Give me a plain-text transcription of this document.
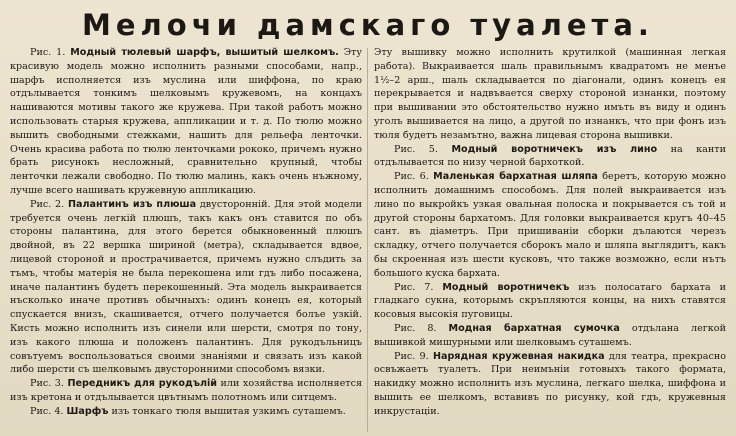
Мелочи дамскаго туалета.

Рис. 1. Модный тюлевый шарфъ, вышитый шелкомъ. Эту красивую модель можно исполнить разными способами, напр., шарфъ исполняется изъ муслина или шиффона, по краю отдълывается тонкимъ шелковымъ кружевомъ, на концахъ нашиваются мотивы такого же кружева. При такой работъ можно использовать старыя кружева, аппликации и т. д. По тюлю можно вышить свободными стежками, нашить для рельефа ленточки. Очень красива работа по тюлю ленточками рококо, причемъ нужно брать рисунокъ несложный, сравнительно крупный, чтобы ленточки лежали свободно. По тюлю малинь, какъ очень нъжному, лучше всего нашивать кружевную аппликацию.

Рис. 2. Палантинъ изъ плюша двусторонній. Для этой модели требуется очень легкій плюшъ, такъ какъ онъ ставится по объ стороны палантина, для этого берется обыкновенный плюшъ двойной, въ 22 вершка шириной (метра), складывается вдвое, лицевой стороной и прострачивается, причемъ нужно слъдить за тъмъ, чтобы матерія не была перекошена или гдъ либо посажена, иначе палантинъ будетъ перекошенный. Эта модель выкраивается нъсколько иначе противъ обычныхъ: одинъ конецъ ея, который спускается внизъ, скашивается, отчего получается болъе узкій. Кисть можно исполнить изъ синели или шерсти, смотря по тону, изъ какого плюша и положенъ палантинъ. Для рукодъльницъ совътуемъ воспользоваться своими знаніями и связать изъ какой либо шерсти съ шелковымъ двусторонними способомъ вязки.

Рис. 3. Передникъ для рукодълій или хозяйства исполняется изъ кретона и отдълывается цвътнымъ полотномъ или ситцемъ.

Рис. 4. Шарфъ изъ тонкаго тюля вышитая узкимъ суташемъ.

Эту вышивку можно исполнить крутилкой (машинная легкая работа). Выкраивается шаль правильнымъ квадратомъ не менъе 1½–2 арш., шаль складывается по діагонали, одинъ конецъ ея перекрывается и надвъвается сверху стороной изнанки, поэтому при вышивании это обстоятельство нужно имъть въ виду и одинъ уголъ вышивается на лицо, а другой по изнанкъ, что при фонъ изъ тюля будетъ незамътно, важна лицевая сторона вышивки.

Рис. 5. Модный воротничекъ изъ лино на канти отдълывается по низу черной бархоткой.

Рис. 6. Маленькая бархатная шляпа беретъ, которую можно исполнить домашнимъ способомъ. Для полей выкраивается изъ лино по выкройкъ узкая овальная полоска и покрывается съ той и другой стороны бархатомъ. Для головки выкраивается кругъ 40–45 сант. въ діаметръ. При пришиваніи сборки дълаются черезъ складку, отчего получается сборокъ мало и шляпа выглядитъ, какъ бы скроенная изъ шести кусковъ, что также возможно, если нътъ большого куска бархата.

Рис. 7. Модный воротничекъ изъ полосатаго бархата и гладкаго сукна, которымъ скръпляются концы, на нихъ ставятся косовыя высокія пуговицы.

Рис. 8. Модная бархатная сумочка отдълана легкой вышивкой мишурными или шелковымъ суташемъ.

Рис. 9. Нарядная кружевная накидка для театра, прекрасно освъжаетъ туалетъ. При неимъніи готовыхъ такого формата, накидку можно исполнить изъ муслина, легкаго шелка, шиффона и вышить ее шелкомъ, вставивъ по рисунку, кой гдъ, кружевныя инкрустаціи.
